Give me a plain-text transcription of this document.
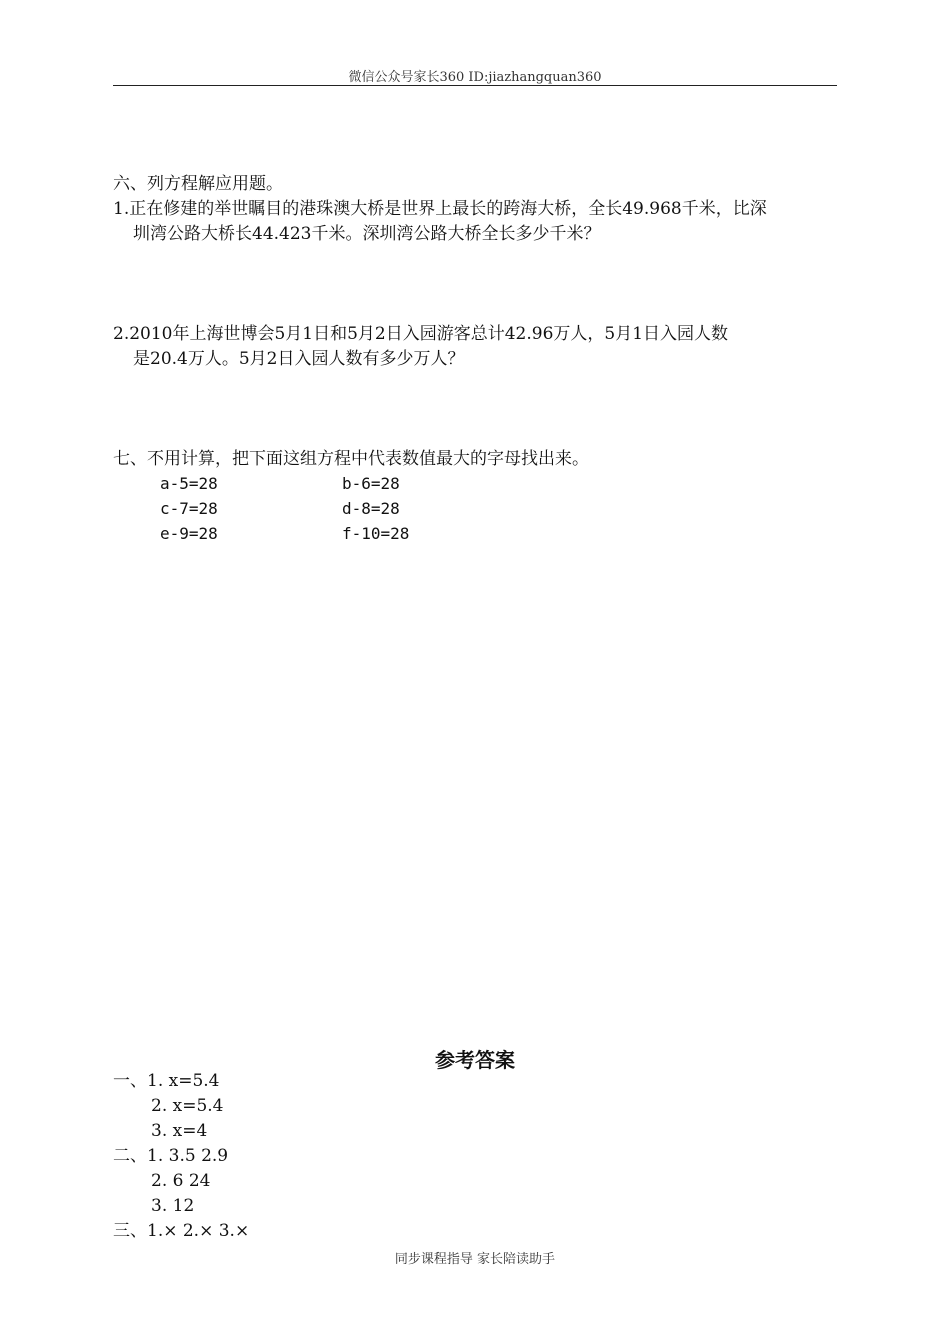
微信公众号家长360 ID:jiazhangquan360
六、列方程解应用题。
1.正在修建的举世瞩目的港珠澳大桥是世界上最长的跨海大桥，全长49.968千米，比深
圳湾公路大桥长44.423千米。深圳湾公路大桥全长多少千米？
2.2010年上海世博会5月1日和5月2日入园游客总计42.96万人，5月1日入园人数
是20.4万人。5月2日入园人数有多少万人？
七、不用计算，把下面这组方程中代表数值最大的字母找出来。
a-5=28	b-6=28
c-7=28	d-8=28
e-9=28	f-10=28
参考答案
一、1. x=5.4
2. x=5.4
3. x=4
二、1. 3.5 2.9
2. 6 24
3. 12
三、1.× 2.× 3.×
同步课程指导 家长陪读助手
